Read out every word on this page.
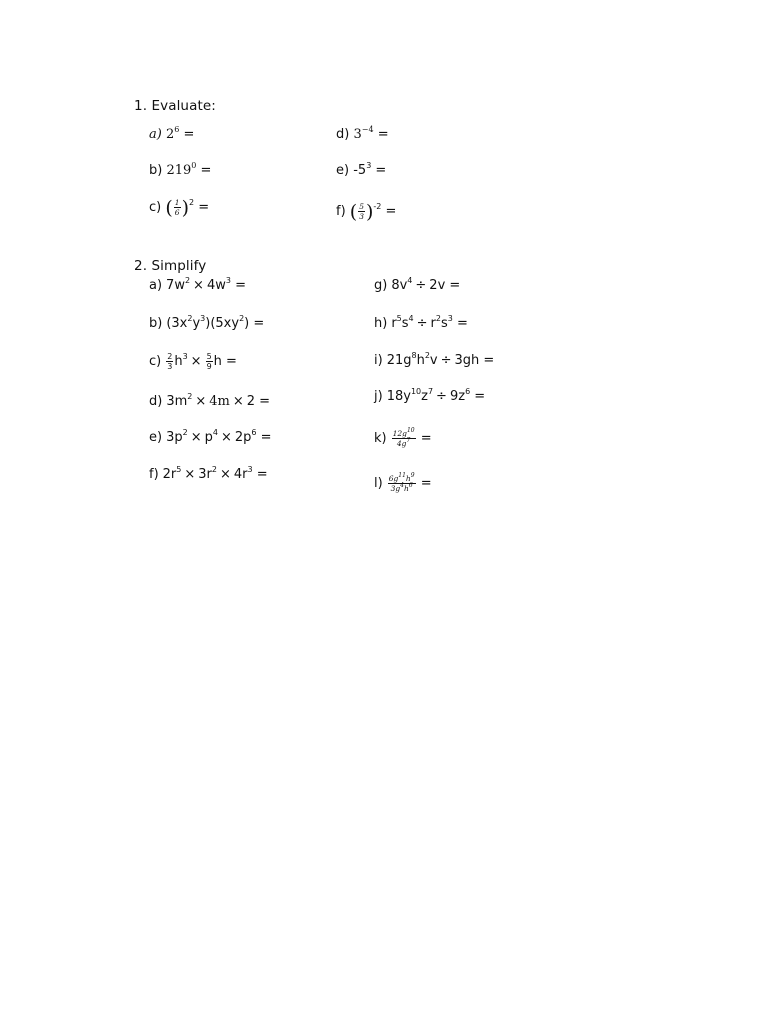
1. Evaluate:
a) $2^6$ =
b) $219^0$ =
c) ( $\frac{1}{6} )^2$ =
d) $3^{-4}$ =
e) $-5^3$ =
f) ( $\frac{5}{3} )^{-2}$ =
2. Simplify
a) $7w^2 \times 4w^3$ =
b) $(3x^2y^3)(5xy^2)$ =
$c) \frac{2}{3} h^3 \times \frac{5}{9}$ h =
d) $3m^2 \times 4m \times 2$ =
e) $3p^2 \times p^4 \times 2p^6$ =
f) $2r^5 \times 3r^2 \times 4r^3$ =
g) $8v^4 \div 2v$ =
h) $r^5s^4 \div r^2s^3$ =
i) $21g^8h^2v \div 3gh$ =
j) $18y^{10}z^7 \div 9z^6$ =
$k) \frac{12g^{10}}{4g^7}$ =
$l) \frac{6g^{11}h^9}{3g^4h^6}$ =
